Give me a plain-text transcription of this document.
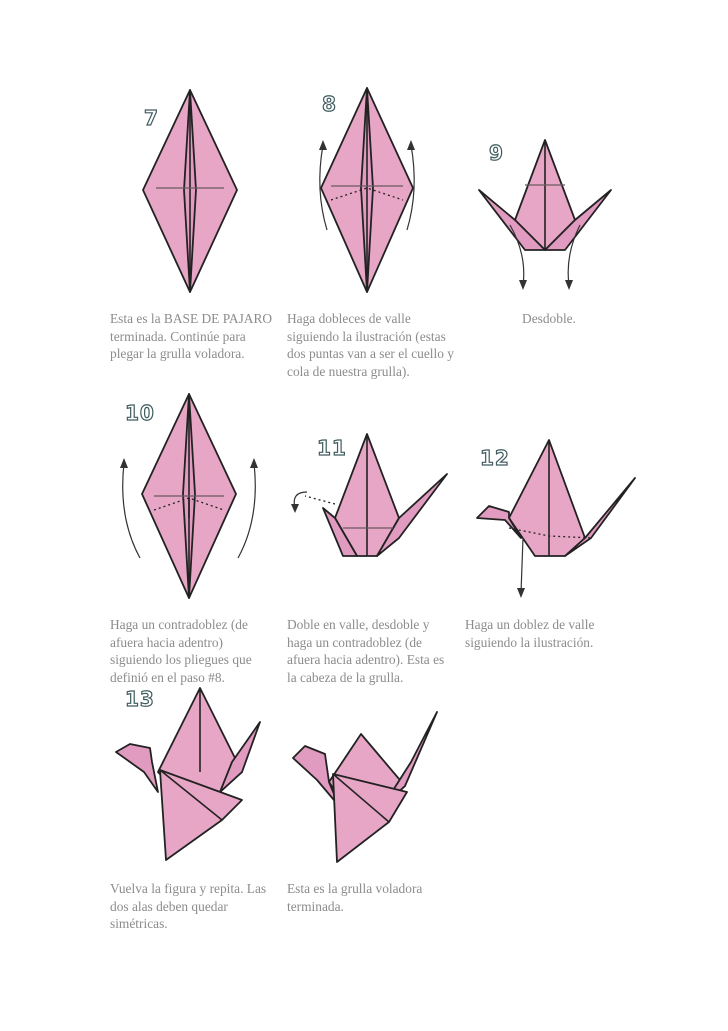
7
8
9

Esta es la BASE DE PAJARO terminada. Continúe para plegar la grulla voladora.

Haga dobleces de valle siguiendo la ilustración (estas dos puntas van a ser el cuello y cola de nuestra grulla).

Desdoble.

10
11	12

Haga un contradoblez (de afuera hacia adentro) siguiendo los pliegues que definió en el paso #8.

Doble en valle, desdoble y haga un contradoblez (de afuera hacia adentro). Esta es la cabeza de la grulla.

Haga un doblez de valle siguiendo la ilustración.

13

Vuelva la figura y repita. Las dos alas deben quedar simétricas.

Esta es la grulla voladora terminada.
